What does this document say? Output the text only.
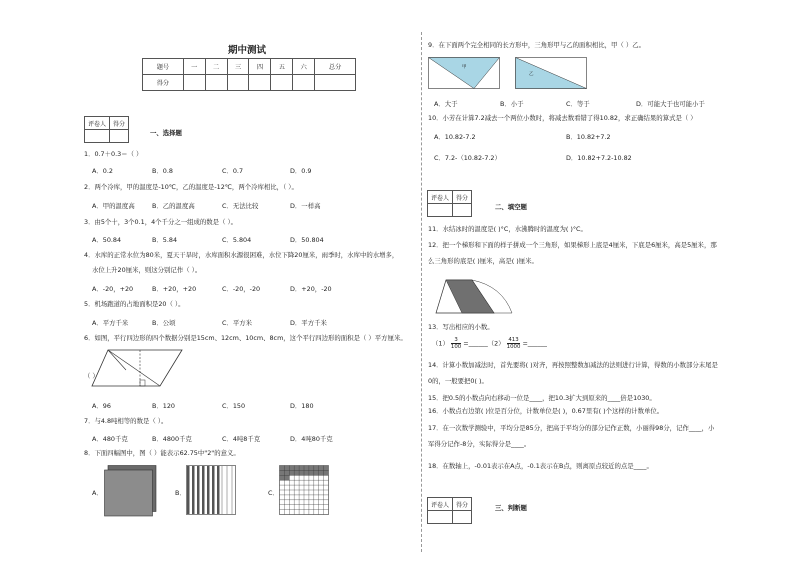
期中测试
题号	一	二	三	四	五	六	总分
得分							
评卷人	得分

一、选择题
1．0.7＋0.3＝（ ）
A．0.2	B．0.8	C．0.7	D．0.9
2．两个冷库，甲的温度是-10℃，乙的温度是-12℃，两个冷库相比，（ ）。
A．甲的温度高	B．乙的温度高	C．无法比较	D．一样高
3．由5个十，3个0.1，4个千分之一组成的数是（ ）。
A．50.84	B．5.84	C．5.804	D．50.804
4．水库的正常水位为80米，夏天干旱时，水库面积水源很困难，水位下降20厘米，雨季时，水库中的水增多，
水位上升20厘米，则这分别记作（ ）。
A．-20，+20	B．+20，+20	C．-20，-20	D．+20，-20
5．机场跑道的占地面积是20（ ）。
A．平方千米	B．公顷	C．平方米	D．平方千米
6．如图，平行四边形的四个数据分别是15cm、12cm、10cm、8cm，这个平行四边形的面积是（ ）平方厘米。
（ ）
A．96	B．120	C．150	D．180
7．与4.8吨相等的数是（ ）。
A．480千克	B．4800千克	C．4吨8千克	D．4吨80千克
8．下面四幅图中，图（ ）能表示62.75中"2"的意义。
A．	B．	C．
9．在下面两个完全相同的长方形中，三角形甲与乙的面积相比，甲（ ）乙。
甲
乙
A．大于	B．小于	C．等于	D．可能大于也可能小于
10．小芳在计算7.2减去一个两位小数时，将减去数看错了得10.82，求正确结果的算式是（ ）
A．10.82-7.2	B．10.82+7.2
C．7.2-（10.82-7.2）	D．10.82+7.2-10.82
评卷人	得分

二、填空题
11．水结冰时的温度是( )°C，水沸腾时的温度为( )°C。
12．把一个梯形和下面的样子拼成一个三角形，如果梯形上底是4厘米，下底是6厘米，高是5厘米，那
么三角形的底是( )厘米，高是( )厘米。
13．写出相应的小数。
$(1) \frac{3}{100}$ =______（2） $\frac{413}{1000}$ =______
14．计算小数加减法时，首先要将( )对齐，再按照整数加减法的法则进行计算，得数的小数部分末尾是
0的，一般要把0( )。
15．把0.5的小数点向右移动一位是____，把10.3扩大到原来的____倍是1030。
16．小数点右边第( )位是百分位，计数单位是( )，0.67里有( )个这样的计数单位。
17．在一次数学测验中，平均分是85分，把高于平均分的部分记作正数，小丽得98分，记作____，小
军得分记作-8分，实际得分是____。
18．在数轴上，-0.01表示在A点，-0.1表示在B点，则离原点较近的点是____。
评卷人	得分
		三、判断题
